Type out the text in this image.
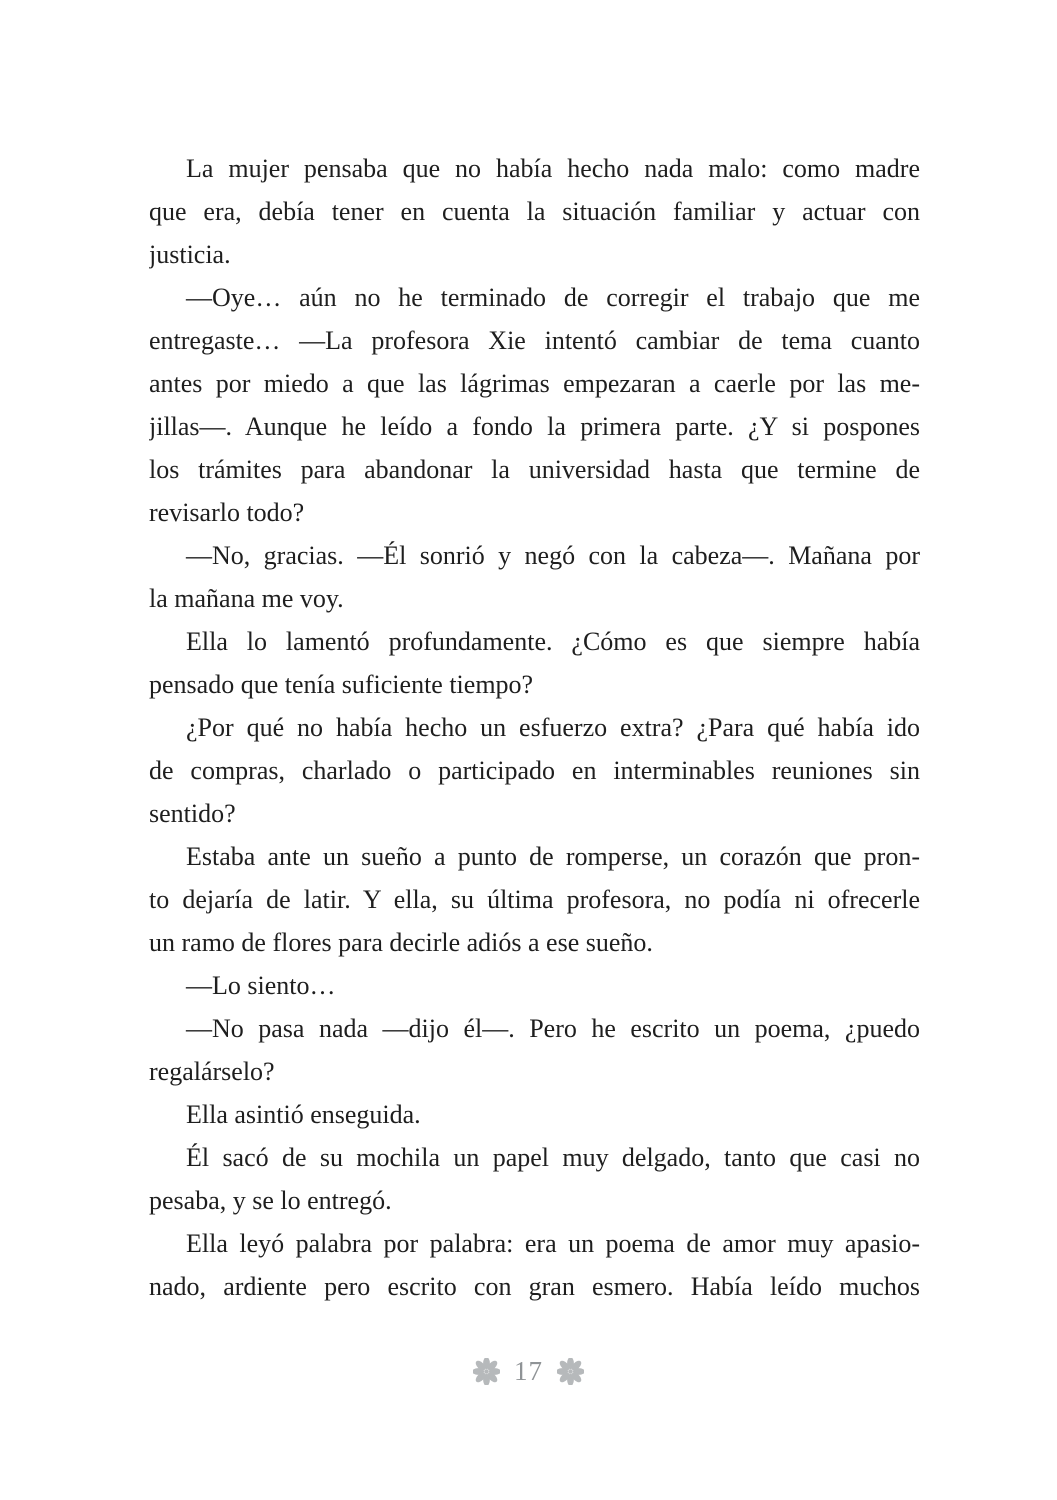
La mujer pensaba que no había hecho nada malo: como madre
que era, debía tener en cuenta la situación familiar y actuar con
justicia.
—Oye… aún no he terminado de corregir el trabajo que me
entregaste… —La profesora Xie intentó cambiar de tema cuanto
antes por miedo a que las lágrimas empezaran a caerle por las me-
jillas—. Aunque he leído a fondo la primera parte. ¿Y si pospones
los trámites para abandonar la universidad hasta que termine de
revisarlo todo?
—No, gracias. —Él sonrió y negó con la cabeza—. Mañana por
la mañana me voy.
Ella lo lamentó profundamente. ¿Cómo es que siempre había
pensado que tenía suficiente tiempo?
¿Por qué no había hecho un esfuerzo extra? ¿Para qué había ido
de compras, charlado o participado en interminables reuniones sin
sentido?
Estaba ante un sueño a punto de romperse, un corazón que pron-
to dejaría de latir. Y ella, su última profesora, no podía ni ofrecerle
un ramo de flores para decirle adiós a ese sueño.
—Lo siento…
—No pasa nada —dijo él—. Pero he escrito un poema, ¿puedo
regalárselo?
Ella asintió enseguida.
Él sacó de su mochila un papel muy delgado, tanto que casi no
pesaba, y se lo entregó.
Ella leyó palabra por palabra: era un poema de amor muy apasio-
nado, ardiente pero escrito con gran esmero. Había leído muchos
17
